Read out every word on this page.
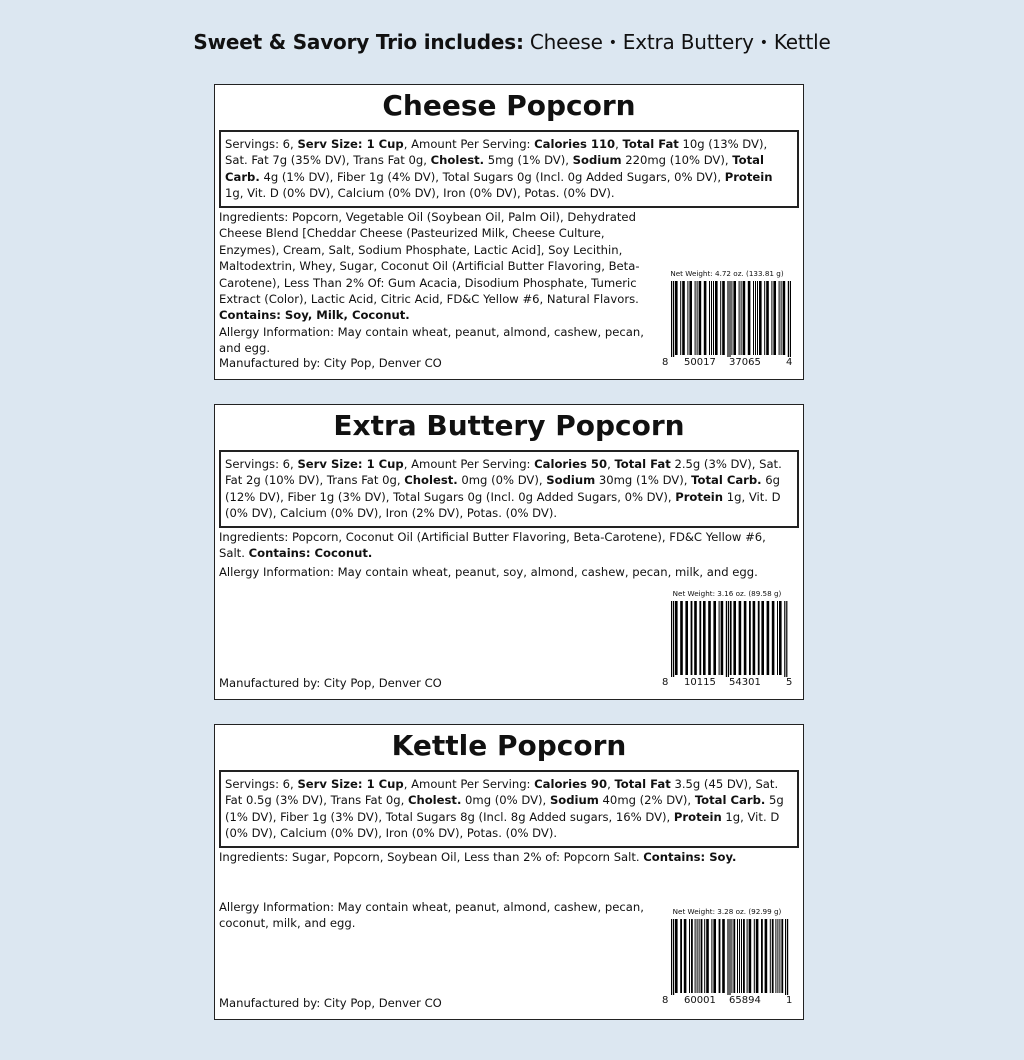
Sweet & Savory Trio includes: Cheese • Extra Buttery • Kettle
Cheese Popcorn
Servings: 6, Serv Size: 1 Cup, Amount Per Serving: Calories 110, Total Fat 10g (13% DV), Sat. Fat 7g (35% DV), Trans Fat 0g, Cholest. 5mg (1% DV), Sodium 220mg (10% DV), Total Carb. 4g (1% DV), Fiber 1g (4% DV), Total Sugars 0g (Incl. 0g Added Sugars, 0% DV), Protein 1g, Vit. D (0% DV), Calcium (0% DV), Iron (0% DV), Potas. (0% DV).
Ingredients: Popcorn, Vegetable Oil (Soybean Oil, Palm Oil), Dehydrated Cheese Blend [Cheddar Cheese (Pasteurized Milk, Cheese Culture, Enzymes), Cream, Salt, Sodium Phosphate, Lactic Acid], Soy Lecithin, Maltodextrin, Whey, Sugar, Coconut Oil (Artificial Butter Flavoring, Beta-Carotene), Less Than 2% Of: Gum Acacia, Disodium Phosphate, Tumeric Extract (Color), Lactic Acid, Citric Acid, FD&C Yellow #6, Natural Flavors. Contains: Soy, Milk, Coconut.
Allergy Information: May contain wheat, peanut, almond, cashew, pecan, and egg.
Manufactured by: City Pop, Denver CO
Net Weight: 4.72 oz. (133.81 g)
8 50017 37065	4
Extra Buttery Popcorn
Servings: 6, Serv Size: 1 Cup, Amount Per Serving: Calories 50, Total Fat 2.5g (3% DV), Sat. Fat 2g (10% DV), Trans Fat 0g, Cholest. 0mg (0% DV), Sodium 30mg (1% DV), Total Carb. 6g (12% DV), Fiber 1g (3% DV), Total Sugars 0g (Incl. 0g Added Sugars, 0% DV), Protein 1g, Vit. D (0% DV), Calcium (0% DV), Iron (2% DV), Potas. (0% DV).
Ingredients: Popcorn, Coconut Oil (Artificial Butter Flavoring, Beta-Carotene), FD&C Yellow #6, Salt. Contains: Coconut.
Allergy Information: May contain wheat, peanut, soy, almond, cashew, pecan, milk, and egg.
Manufactured by: City Pop, Denver CO
Net Weight: 3.16 oz. (89.58 g)
8 10115 54301	5
Kettle Popcorn
Servings: 6, Serv Size: 1 Cup, Amount Per Serving: Calories 90, Total Fat 3.5g (45 DV), Sat. Fat 0.5g (3% DV), Trans Fat 0g, Cholest. 0mg (0% DV), Sodium 40mg (2% DV), Total Carb. 5g (1% DV), Fiber 1g (3% DV), Total Sugars 8g (Incl. 8g Added sugars, 16% DV), Protein 1g, Vit. D (0% DV), Calcium (0% DV), Iron (0% DV), Potas. (0% DV).
Ingredients: Sugar, Popcorn, Soybean Oil, Less than 2% of: Popcorn Salt. Contains: Soy.
Allergy Information: May contain wheat, peanut, almond, cashew, pecan, coconut, milk, and egg.
Manufactured by: City Pop, Denver CO
Net Weight: 3.28 oz. (92.99 g)
8 60001 65894	1
